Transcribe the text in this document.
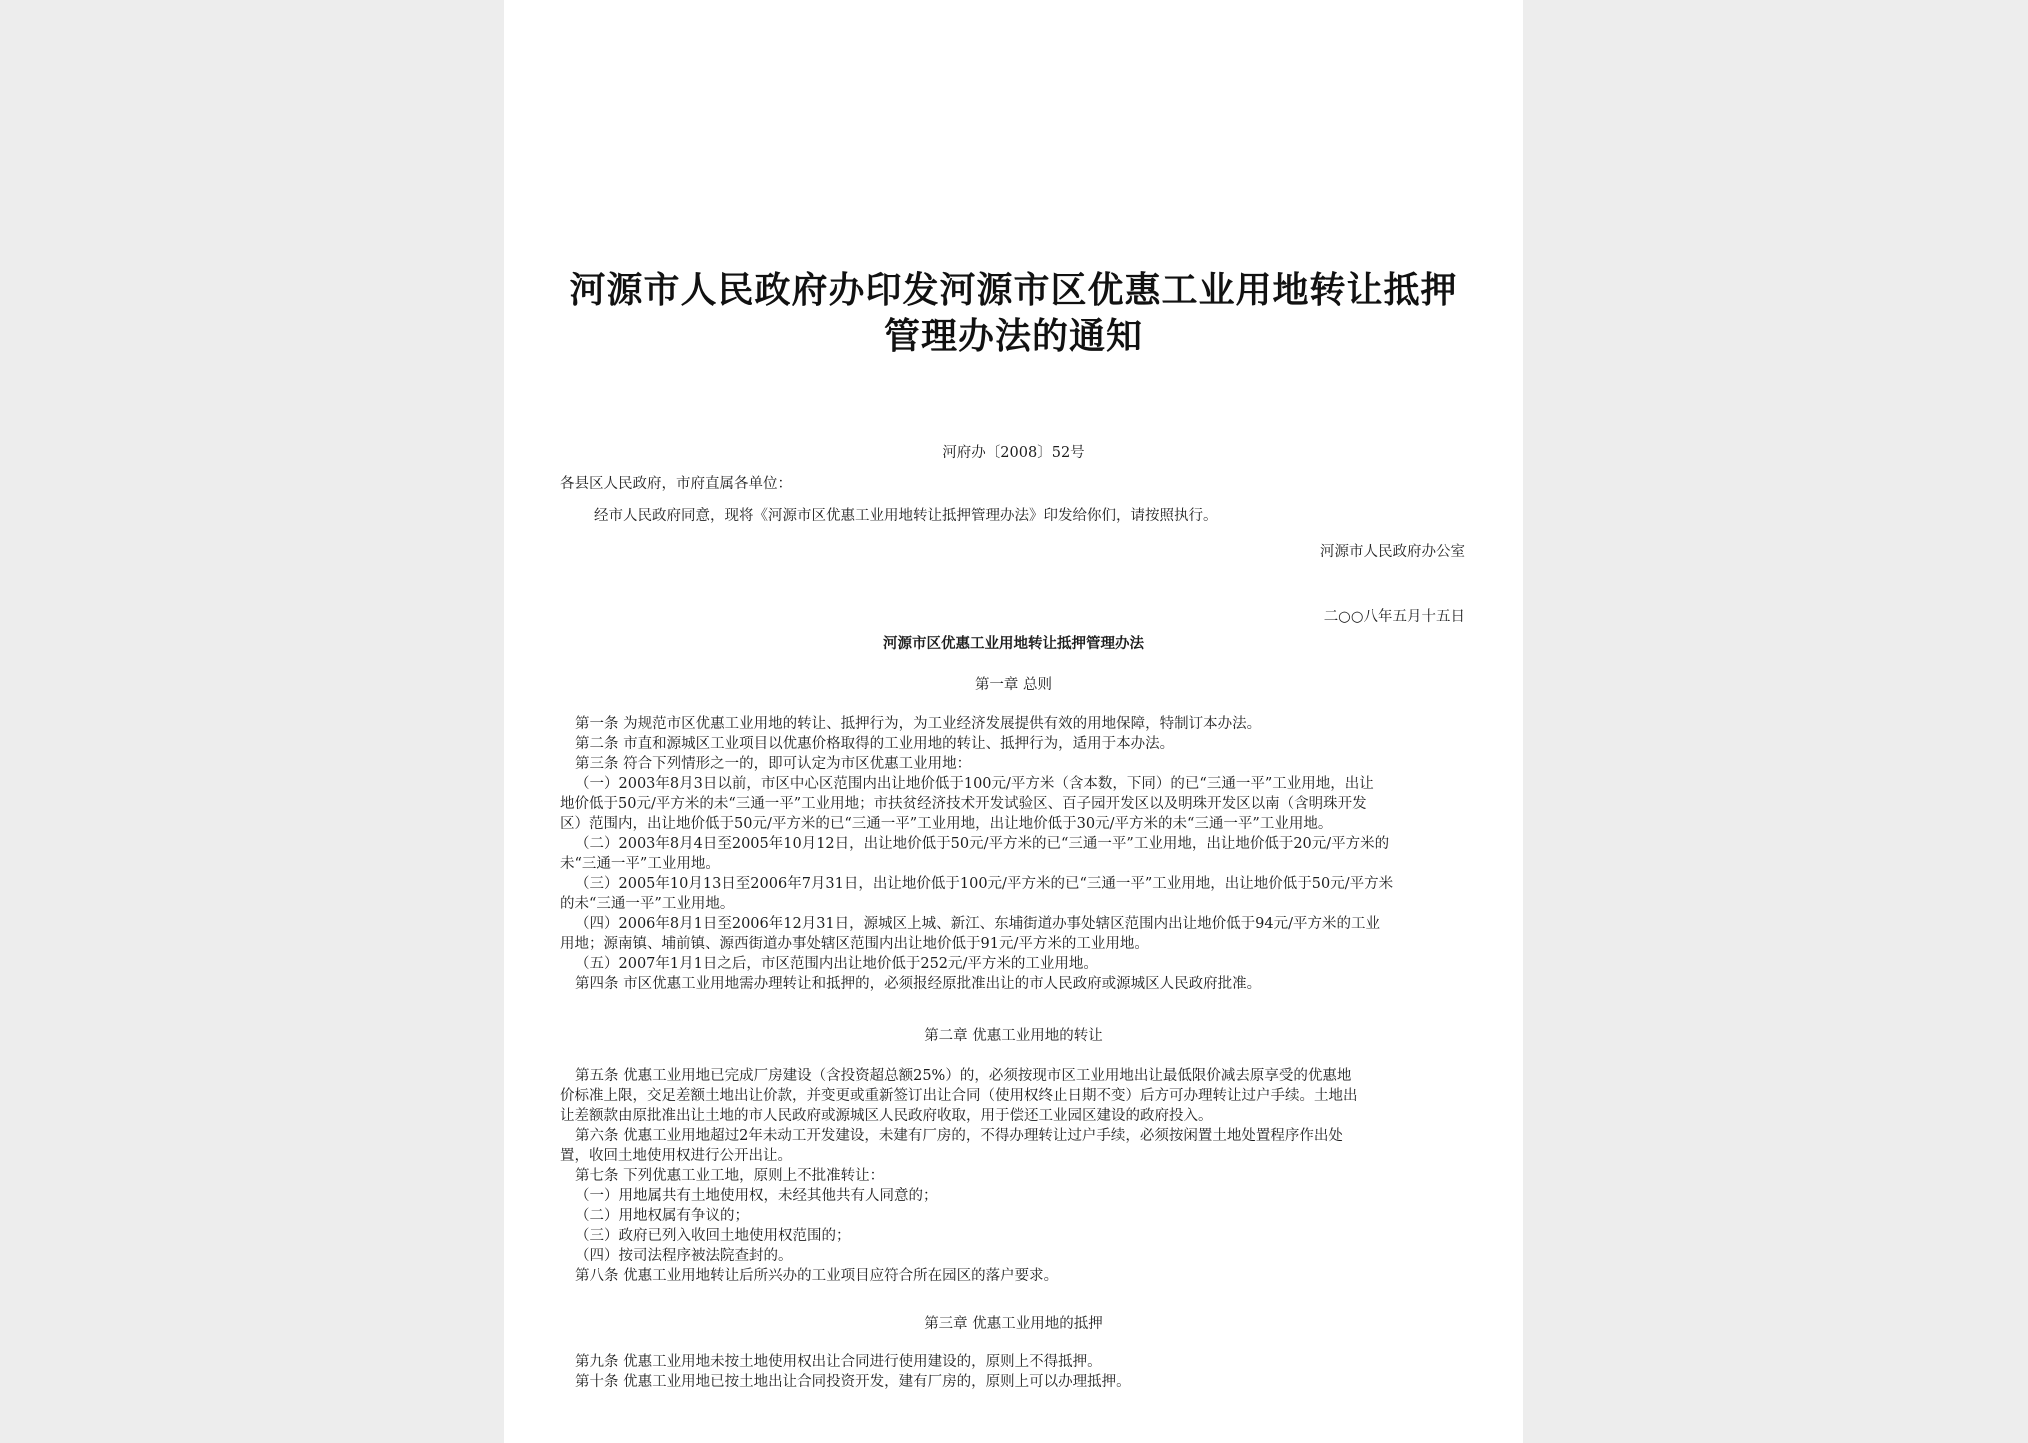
河源市人民政府办印发河源市区优惠工业用地转让抵押

管理办法的通知

河府办〔2008〕52号

各县区人民政府，市府直属各单位：

经市人民政府同意，现将《河源市区优惠工业用地转让抵押管理办法》印发给你们，请按照执行。

河源市人民政府办公室

二○○八年五月十五日

河源市区优惠工业用地转让抵押管理办法

第一章 总则

第一条 为规范市区优惠工业用地的转让、抵押行为，为工业经济发展提供有效的用地保障，特制订本办法。
第二条 市直和源城区工业项目以优惠价格取得的工业用地的转让、抵押行为，适用于本办法。
第三条 符合下列情形之一的，即可认定为市区优惠工业用地：
（一）2003年8月3日以前，市区中心区范围内出让地价低于100元/平方米（含本数，下同）的已“三通一平”工业用地，出让
地价低于50元/平方米的未“三通一平”工业用地；市扶贫经济技术开发试验区、百子园开发区以及明珠开发区以南（含明珠开发
区）范围内，出让地价低于50元/平方米的已“三通一平”工业用地，出让地价低于30元/平方米的未“三通一平”工业用地。
（二）2003年8月4日至2005年10月12日，出让地价低于50元/平方米的已“三通一平”工业用地，出让地价低于20元/平方米的
未“三通一平”工业用地。
（三）2005年10月13日至2006年7月31日，出让地价低于100元/平方米的已“三通一平”工业用地，出让地价低于50元/平方米
的未“三通一平”工业用地。
（四）2006年8月1日至2006年12月31日，源城区上城、新江、东埔街道办事处辖区范围内出让地价低于94元/平方米的工业
用地；源南镇、埔前镇、源西街道办事处辖区范围内出让地价低于91元/平方米的工业用地。
（五）2007年1月1日之后，市区范围内出让地价低于252元/平方米的工业用地。
第四条 市区优惠工业用地需办理转让和抵押的，必须报经原批准出让的市人民政府或源城区人民政府批准。

第二章 优惠工业用地的转让

第五条 优惠工业用地已完成厂房建设（含投资超总额25%）的，必须按现市区工业用地出让最低限价减去原享受的优惠地
价标准上限，交足差额土地出让价款，并变更或重新签订出让合同（使用权终止日期不变）后方可办理转让过户手续。土地出
让差额款由原批准出让土地的市人民政府或源城区人民政府收取，用于偿还工业园区建设的政府投入。
第六条 优惠工业用地超过2年未动工开发建设，未建有厂房的，不得办理转让过户手续，必须按闲置土地处置程序作出处
置，收回土地使用权进行公开出让。
第七条 下列优惠工业工地，原则上不批准转让：
（一）用地属共有土地使用权，未经其他共有人同意的；
（二）用地权属有争议的；
（三）政府已列入收回土地使用权范围的；
（四）按司法程序被法院查封的。
第八条 优惠工业用地转让后所兴办的工业项目应符合所在园区的落户要求。

第三章 优惠工业用地的抵押

第九条 优惠工业用地未按土地使用权出让合同进行使用建设的，原则上不得抵押。
第十条 优惠工业用地已按土地出让合同投资开发，建有厂房的，原则上可以办理抵押。
